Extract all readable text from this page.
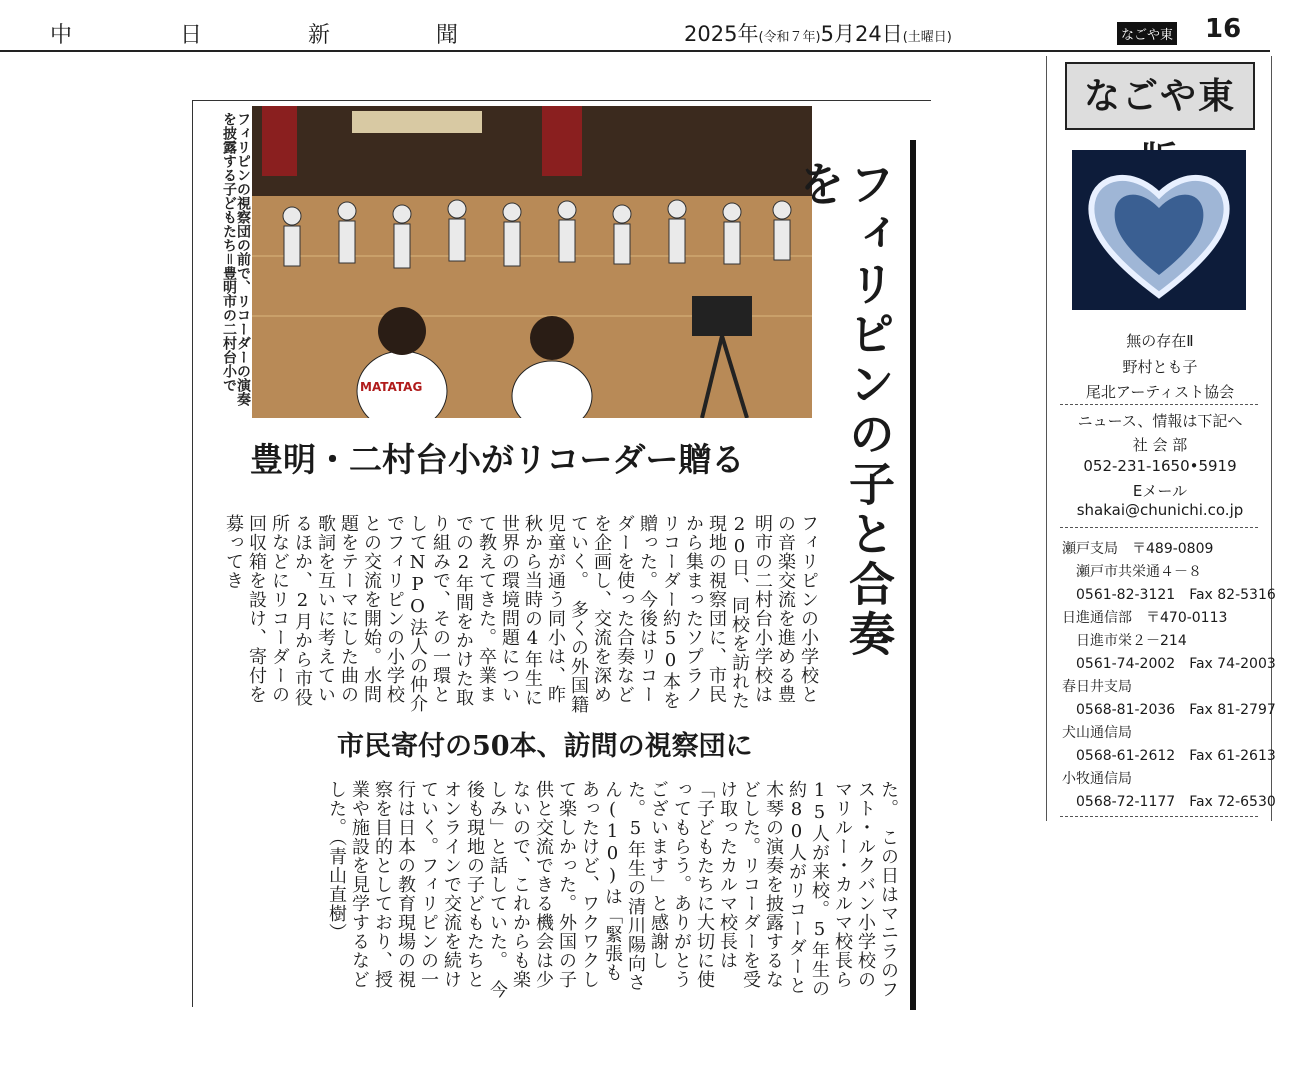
中	日	新	聞	2025年(令和７年)5月24日(土曜日)	なごや東 16
MATATAG
フィリピンの視察団の前で、リコーダーの演奏を披露する子どもたち＝豊明市の二村台小で	フィリピンの子と合奏を
豊明・二村台小がリコーダー贈る
フィリピンの小学校との音楽交流を進める豊明市の二村台小学校は20日、同校を訪れた現地の視察団に、市民から集まったソプラノリコーダー約50本を贈った。今後はリコーダーを使った合奏などを企画し、交流を深めていく。　多くの外国籍児童が通う同小は、昨秋から当時の4年生に世界の環境問題について教えてきた。卒業までの2年間をかけた取り組みで、その一環としてNPO法人の仲介でフィリピンの小学校との交流を開始。水問題をテーマにした曲の歌詞を互いに考えているほか、2月から市役所などにリコーダーの回収箱を設け、寄付を募ってき
市民寄付の50本、訪問の視察団に
た。　この日はマニラのフスト・ルクバン小学校のマリルー・カルマ校長ら15人が来校。5年生の約80人がリコーダーと木琴の演奏を披露するなどした。リコーダーを受け取ったカルマ校長は「子どもたちに大切に使ってもらう。ありがとうございます」と感謝した。5年生の清川陽向さん(10)は「緊張もあったけど、ワクワクして楽しかった。外国の子供と交流できる機会は少ないので、これからも楽しみ」と話していた。　今後も現地の子どもたちとオンラインで交流を続けていく。フィリピンの一行は日本の教育現場の視察を目的としており、授業や施設を見学するなどした。（青山直樹）
なごや東
無の存在Ⅱ
野村とも子
尾北アーティスト協会
ニュース、情報は下記へ
社 会 部
052-231-1650•5919
Eメール
shakai@chunichi.co.jp
瀬戸支局　 〒489-0809
瀬戸市共栄通４－８
0561-82-3121　 Fax 82-5316
日進通信部　 〒470-0113
日進市栄２－214
0561-74-2002　 Fax 74-2003
春日井支局
0568-81-2036　 Fax 81-2797
犬山通信局
0568-61-2612　 Fax 61-2613
小牧通信局
0568-72-1177　 Fax 72-6530
